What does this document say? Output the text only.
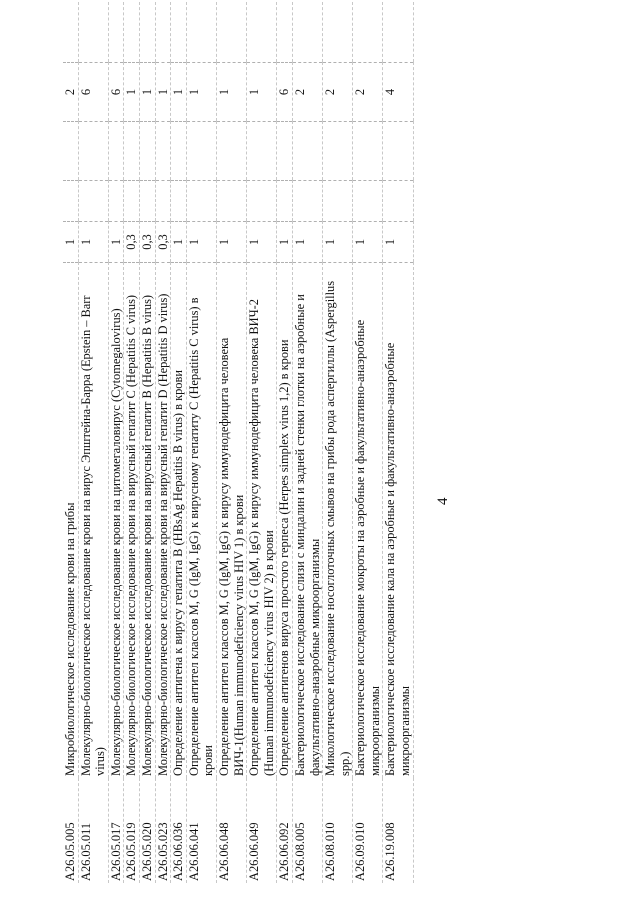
4

A26.05.005	Микробиологическое исследование крови на грибы	1			2	
A26.05.011	Молекулярно-биологическое исследование крови на вирус Эпштейна-Барра (Epstein – Barr virus)	1			6	
A26.05.017	Молекулярно-биологическое исследование крови на цитомегаловирус (Cytomegalovirus)	1			6	
A26.05.019	Молекулярно-биологическое исследование крови на вирусный гепатит С (Hepatitis C virus)	0,3			1	
A26.05.020	Молекулярно-биологическое исследование крови на вирусный гепатит В (Hepatitis B virus)	0,3			1	
A26.05.023	Молекулярно-биологическое исследование крови на вирусный гепатит D (Hepatitis D virus)	0,3			1	
A26.06.036	Определение антигена к вирусу гепатита В (HBsAg Hepatitis B virus) в крови	1			1	
A26.06.041	Определение антител классов M, G (IgM, IgG) к вирусному гепатиту С (Hepatitis C virus) в крови	1			1	
A26.06.048	Определение антител классов M, G (IgM, IgG) к вирусу иммунодефицита человека ВИЧ-1(Human immunodeficiency virus HIV 1) в крови	1			1	
A26.06.049	Определение антител классов M, G (IgM, IgG) к вирусу иммунодефицита человека ВИЧ-2 (Human immunodeficiency virus HIV 2) в крови	1			1	
A26.06.092	Определение антигенов вируса простого герпеса (Herpes simplex virus 1,2) в крови	1			6	
A26.08.005	Бактериологическое исследование слизи с миндалин и задней стенки глотки на аэробные и факультативно-анаэробные микроорганизмы	1			2	
A26.08.010	Микологическое исследование носоглоточных смывов на грибы рода аспергиллы (Aspergillus spp.)	1			2	
A26.09.010	Бактериологическое исследование мокроты на аэробные и факультативно-анаэробные микроорганизмы	1			2	
A26.19.008	Бактериологическое исследование кала на аэробные и факультативно-анаэробные микроорганизмы	1			4	
